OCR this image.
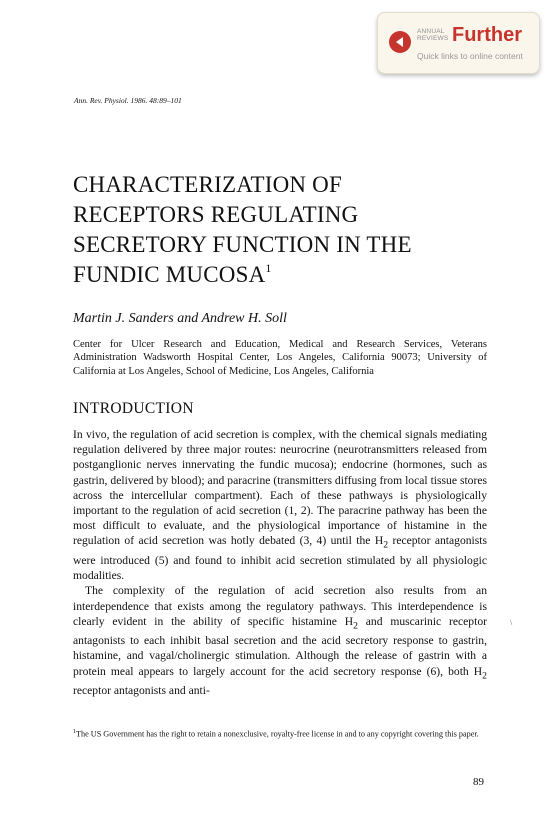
ANNUAL
REVIEWS Further
Quick links to online content
Ann. Rev. Physiol. 1986. 48:89–101
CHARACTERIZATION OF
RECEPTORS REGULATING
SECRETORY FUNCTION IN THE
FUNDIC MUCOSA$^1$
Martin J. Sanders and Andrew H. Soll
Center for Ulcer Research and Education, Medical and Research Services, Veterans Administration Wadsworth Hospital Center, Los Angeles, California 90073; University of California at Los Angeles, School of Medicine, Los Angeles, California
INTRODUCTION

In vivo, the regulation of acid secretion is complex, with the chemical signals mediating regulation delivered by three major routes: neurocrine (neurotransmitters released from postganglionic nerves innervating the fundic mucosa); endocrine (hormones, such as gastrin, delivered by blood); and paracrine (transmitters diffusing from local tissue stores across the intercellular compartment). Each of these pathways is physiologically important to the regulation of acid secretion (1, 2). The paracrine pathway has been the most difficult to evaluate, and the physiological importance of histamine in the regulation of acid secretion was hotly debated (3, 4) until the $H_2$ receptor antagonists were introduced (5) and found to inhibit acid secretion stimulated by all physiologic modalities.

The complexity of the regulation of acid secretion also results from an interdependence that exists among the regulatory pathways. This interdependence is clearly evident in the ability of specific histamine $H_2$ and muscarinic receptor antagonists to each inhibit basal secretion and the acid secretory response to gastrin, histamine, and vagal/cholinergic stimulation. Although the release of gastrin with a protein meal appears to largely account for the acid secretory response (6), both $H_2$ receptor antagonists and anti-

\
$^1$The US Government has the right to retain a nonexclusive, royalty-free license in and to any copyright covering this paper.
89
